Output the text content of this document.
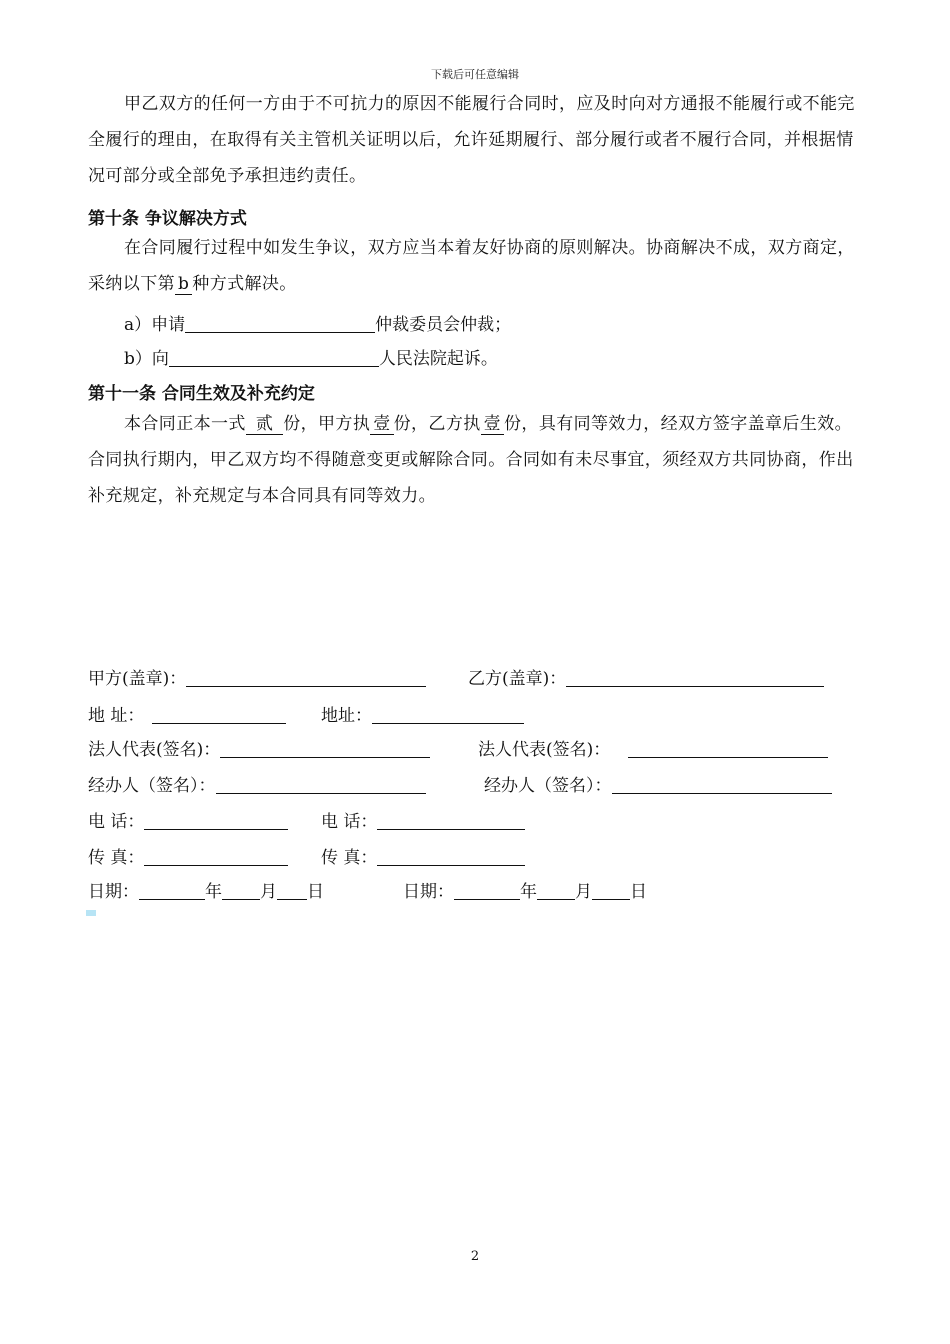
下载后可任意编辑
甲乙双方的任何一方由于不可抗力的原因不能履行合同时，应及时向对方通报不能履行或不能完全履行的理由，在取得有关主管机关证明以后，允许延期履行、部分履行或者不履行合同，并根据情况可部分或全部免予承担违约责任。
第十条 争议解决方式
在合同履行过程中如发生争议，双方应当本着友好协商的原则解决。协商解决不成，双方商定，采纳以下第 b 种方式解决。
a）申请	仲裁委员会仲裁；
b）向	人民法院起诉。
第十一条 合同生效及补充约定
本合同正本一式 贰 份，甲方执 壹 份，乙方执 壹 份，具有同等效力，经双方签字盖章后生效。合同执行期内，甲乙双方均不得随意变更或解除合同。合同如有未尽事宜，须经双方共同协商，作出补充规定，补充规定与本合同具有同等效力。
甲方(盖章)：	乙方(盖章)：
地 址：	地址：
法人代表(签名)：	法人代表(签名)：
经办人（签名）：	经办人（签名）：
电 话：	电 话：
传 真：	传 真：
日期：	年 月 日	日期：	年 月 日
2
